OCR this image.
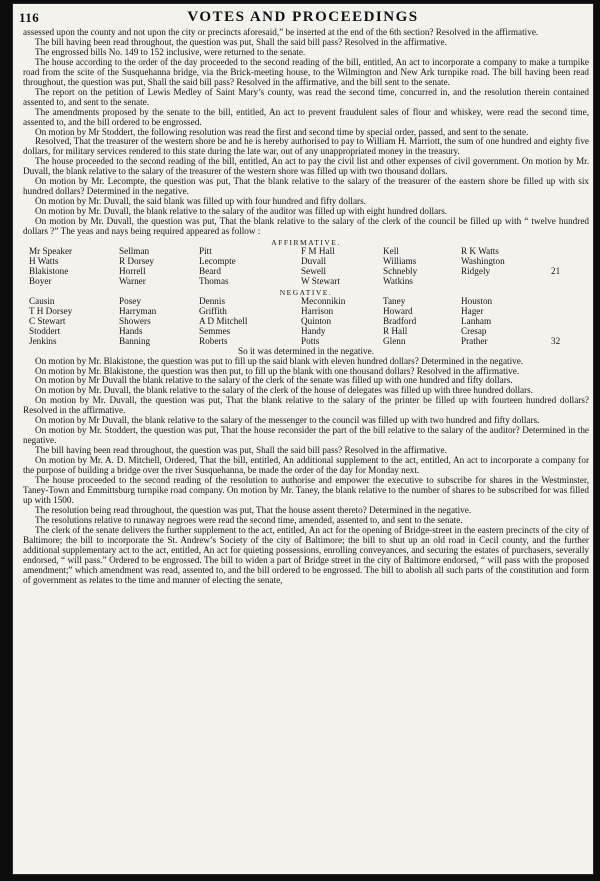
116	VOTES AND PROCEEDINGS

assessed upon the county and not upon the city or precincts aforesaid,” be inserted at the end of the 6th section? Resolved in the affirmative.

The bill having been read throughout, the question was put, Shall the said bill pass? Resolved in the affirmative.

The engrossed bills No. 149 to 152 inclusive, were returned to the senate.

The house according to the order of the day proceeded to the second reading of the bill, entitled, An act to incorporate a company to make a turnpike road from the scite of the Susquehanna bridge, via the Brick-meeting house, to the Wilmington and New Ark turnpike road. The bill having been read throughout, the question was put, Shall the said bill pass? Resolved in the affirmative, and the bill sent to the senate.

The report on the petition of Lewis Medley of Saint Mary’s county, was read the second time, concurred in, and the resolution therein contained assented to, and sent to the senate.

The amendments proposed by the senate to the bill, entitled, An act to prevent fraudulent sales of flour and whiskey, were read the second time, assented to, and the bill ordered to be engrossed.

On motion by Mr Stoddert, the following resolution was read the first and second time by special order, passed, and sent to the senate.

Resolved, That the treasurer of the western shore be and he is hereby authorised to pay to William H. Marriott, the sum of one hundred and eighty five dollars, for military services rendered to this state during the late war, out of any unappropriated money in the treasury.

The house proceeded to the second reading of the bill, entitled, An act to pay the civil list and other expenses of civil government. On motion by Mr. Duvall, the blank relative to the salary of the treasurer of the western shore was filled up with two thousand dollars.

On motion by Mr. Lecompte, the question was put, That the blank relative to the salary of the treasurer of the eastern shore be filled up with six hundred dollars? Determined in the negative.

On motion by Mr. Duvall, the said blank was filled up with four hundred and fifty dollars.

On motion by Mr. Duvall, the blank relative to the salary of the auditor was filled up with eight hundred dollars.

On motion by Mr. Duvall, the question was put, That the blank relative to the salary of the clerk of the council be filled up with “ twelve hundred dollars ?” The yeas and nays being required appeared as follow :

AFFIRMATIVE.
Mr Speaker	Sellman	Pitt	F M Hall	Kell	R K Watts
H Watts	R Dorsey	Lecompte	Duvall	Williams	Washington
Blakistone	Horrell	Beard	Sewell	Schnebly	Ridgely	21
Boyer	Warner	Thomas	W Stewart	Watkins
NEGATIVE.
Causin	Posey	Dennis	Meconnikin	Taney	Houston
T H Dorsey	Harryman	Griffith	Harrison	Howard	Hager
C Stewart	Showers	A D Mitchell	Quinton	Bradford	Lanham
Stoddert	Hands	Semmes	Handy	R Hall	Cresap
Jenkins	Banning	Roberts	Potts	Glenn	Prather	32
So it was determined in the negative.

On motion by Mr. Blakistone, the question was put to fill up the said blank with eleven hundred dollars? Determined in the negative.

On motion by Mr. Blakistone, the question was then put, to fill up the blank with one thousand dollars? Resolved in the affirmative.

On motion by Mr Duvall the blank relative to the salary of the clerk of the senate was filled up with one hundred and fifty dollars.

On motion by Mr. Duvall, the blank relative to the salary of the clerk of the house of delegates was filled up with three hundred dollars.

On motion by Mr. Duvall, the question was put, That the blank relative to the salary of the printer be filled up with fourteen hundred dollars? Resolved in the affirmative.

On motion by Mr Duvall, the blank relative to the salary of the messenger to the council was filled up with two hundred and fifty dollars.

On motion by Mr. Stoddert, the question was put, That the house reconsider the part of the bill relative to the salary of the auditor? Determined in the negative.

The bill having been read throughout, the question was put, Shall the said bill pass? Resolved in the affirmative.

On motion by Mr. A. D. Mitchell, Ordered, That the bill, entitled, An additional supplement to the act, entitled, An act to incorporate a company for the purpose of building a bridge over the river Susquehanna, be made the order of the day for Monday next.

The house proceeded to the second reading of the resolution to authorise and empower the executive to subscribe for shares in the Westminster, Taney-Town and Emmittsburg turnpike road company. On motion by Mr. Taney, the blank relative to the number of shares to be subscribed for was filled up with 1500.

The resolution being read throughout, the question was put, That the house assent thereto? Determined in the negative.

The resolutions relative to runaway negroes were read the second time, amended, assented to, and sent to the senate.

The clerk of the senate delivers the further supplement to the act, entitled, An act for the opening of Bridge-street in the eastern precincts of the city of Baltimore; the bill to incorporate the St. Andrew’s Society of the city of Baltimore; the bill to shut up an old road in Cecil county, and the further additional supplementary act to the act, entitled, An act for quieting possessions, enrolling conveyances, and securing the estates of purchasers, severally endorsed, “ will pass.” Ordered to be engrossed. The bill to widen a part of Bridge street in the city of Baltimore endorsed, “ will pass with the proposed amendment;” which amendment was read, assented to, and the bill ordered to be engrossed. The bill to abolish all such parts of the constitution and form of government as relates to the time and manner of electing the senate,
